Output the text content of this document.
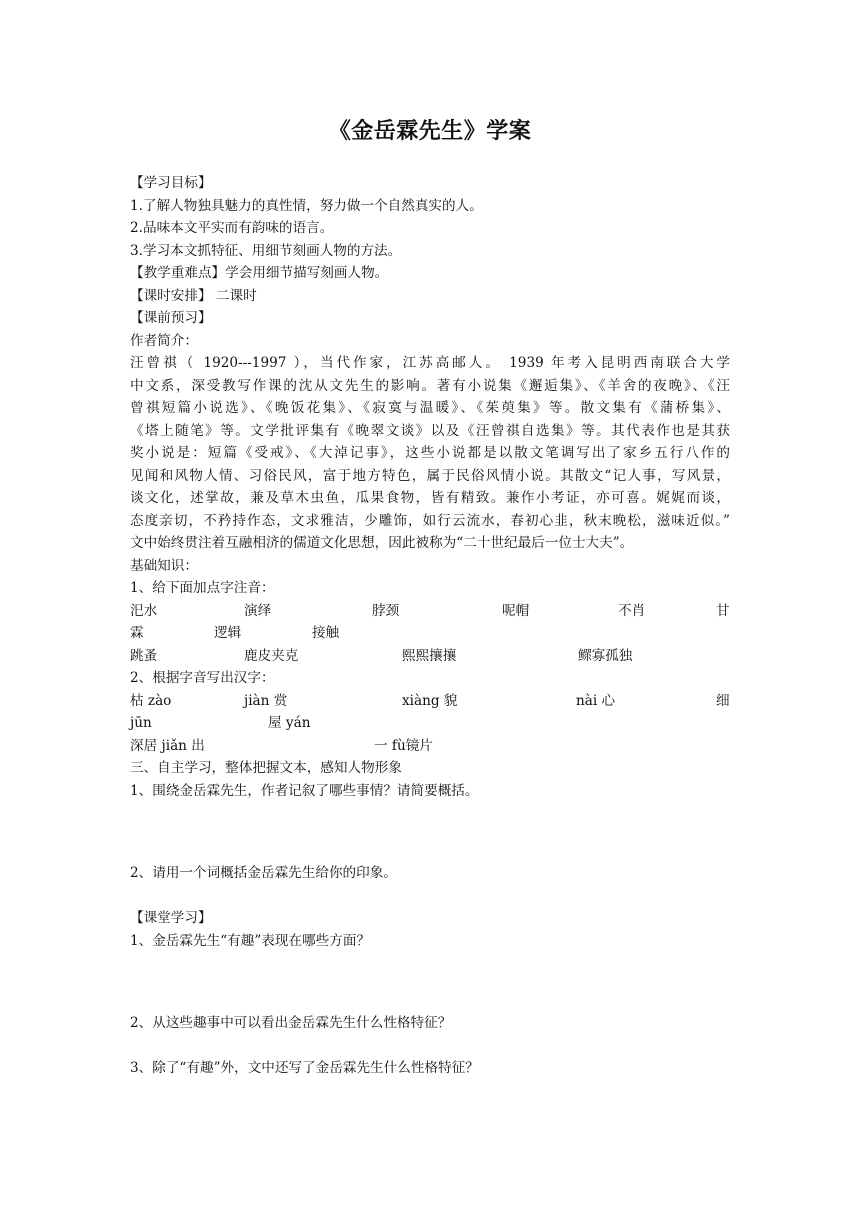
《金岳霖先生》学案
【学习目标】
1.了解人物独具魅力的真性情，努力做一个自然真实的人。
2.品味本文平实而有韵味的语言。
3.学习本文抓特征、用细节刻画人物的方法。
【教学重难点】学会用细节描写刻画人物。
【课时安排】 二课时
【课前预习】
作者简介：
汪曾祺（ 1920---1997 ），当代作家，江苏高邮人。 1939 年考入昆明西南联合大学
中文系，深受教写作课的沈从文先生的影响。著有小说集《邂逅集》、《羊舍的夜晚》、《汪
曾祺短篇小说选》、《晚饭花集》、《寂寞与温暖》、《茱萸集》等。散文集有《蒲桥集》、
《塔上随笔》等。文学批评集有《晚翠文谈》以及《汪曾祺自选集》等。其代表作也是其获
奖小说是：短篇《受戒》、《大淖记事》，这些小说都是以散文笔调写出了家乡五行八作的
见闻和风物人情、习俗民风，富于地方特色，属于民俗风情小说。其散文“记人事，写风景，
谈文化，述掌故，兼及草木虫鱼，瓜果食物，皆有精致。兼作小考证，亦可喜。娓娓而谈，
态度亲切，不矜持作态，文求雅洁，少雕饰，如行云流水，春初心韭，秋末晚松，滋味近似。”
文中始终贯注着互融相济的儒道文化思想，因此被称为“二十世纪最后一位士大夫”。
基础知识：
1、给下面加点字注音：
汜水	演绎	脖颈	呢帽	不肖	甘
霖	逻辑	接触
跳蚤	鹿皮夹克	熙熙攘攘	鳏寡孤独
2、根据字音写出汉字：
枯 zào	jiàn 赏	xiàng 貌	nài 心	细
jūn	屋 yán
深居 jiǎn 出	一 fù镜片
三、自主学习，整体把握文本，感知人物形象
1、围绕金岳霖先生，作者记叙了哪些事情？请简要概括。
2、请用一个词概括金岳霖先生给你的印象。
【课堂学习】
1、金岳霖先生“有趣”表现在哪些方面？
2、从这些趣事中可以看出金岳霖先生什么性格特征？
3、除了“有趣”外，文中还写了金岳霖先生什么性格特征？
